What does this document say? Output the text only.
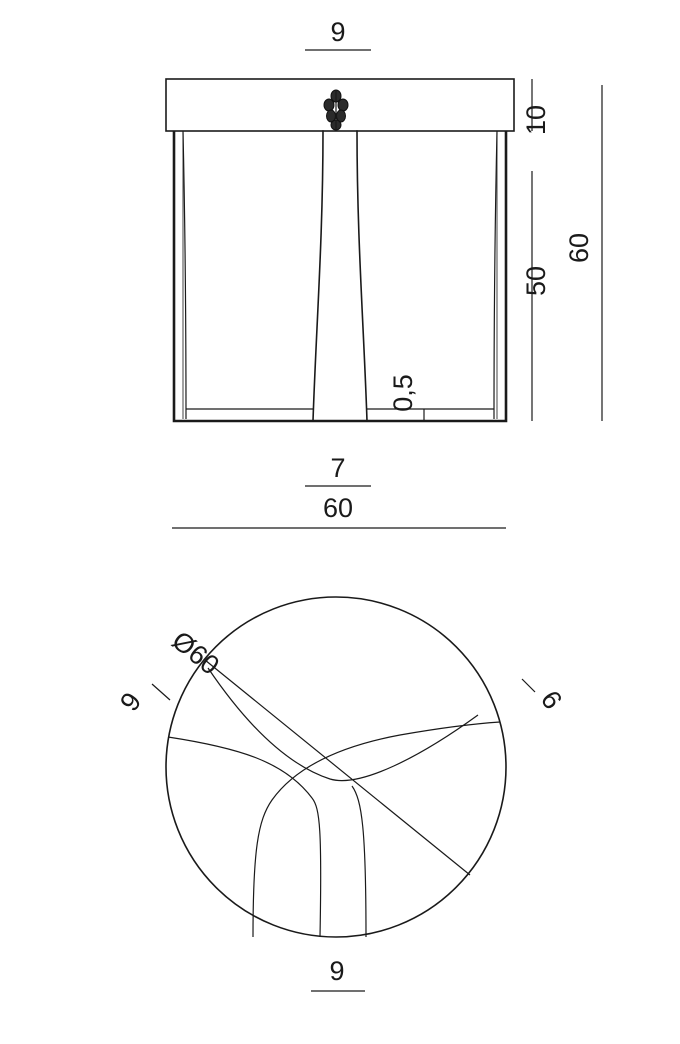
9
10
50
60
0,5
7
60
Ø60
9	6
9
